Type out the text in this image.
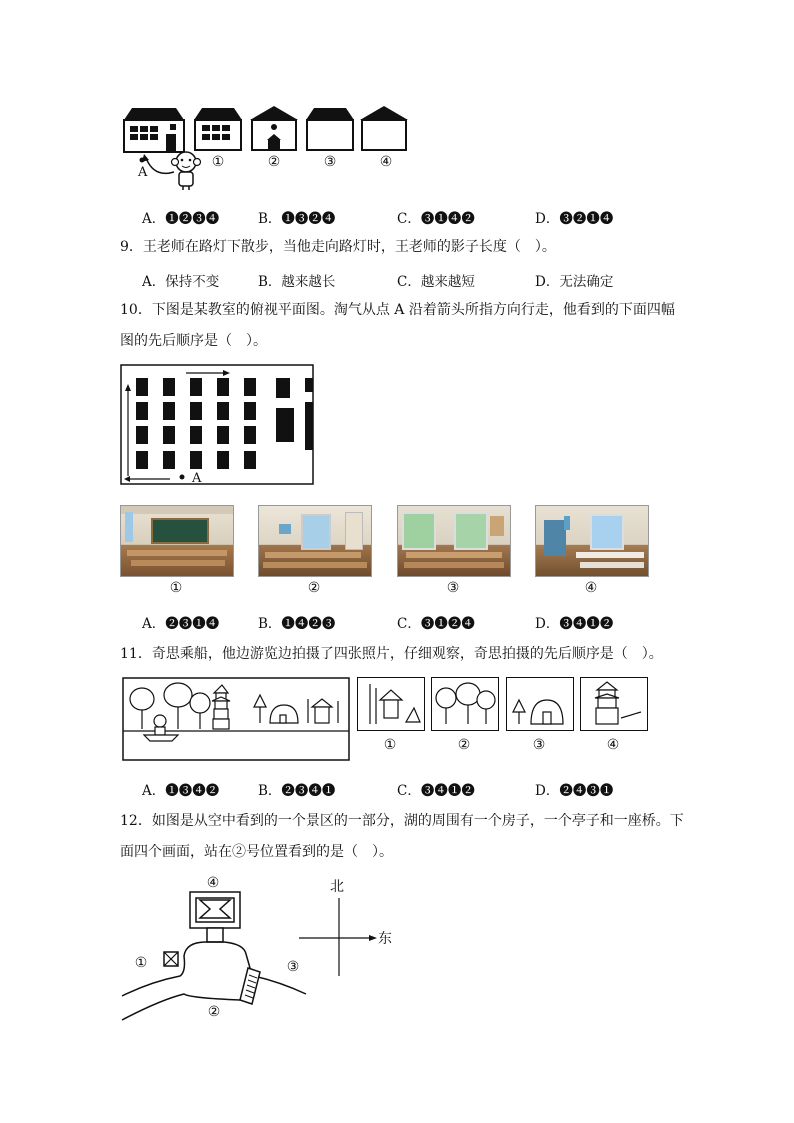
A
①	②	③	④
A．❶❷❸❹	B．❶❸❷❹	C．❸❶❹❷	D．❸❷❶❹
9．王老师在路灯下散步，当他走向路灯时，王老师的影子长度（　）。
A．保持不变	B．越来越长	C．越来越短	D．无法确定
10．下图是某教室的俯视平面图。淘气从点 A 沿着箭头所指方向行走，他看到的下面四幅
图的先后顺序是（　）。
A
①	②	③	④
A．❷❸❶❹	B．❶❹❷❸	C．❸❶❷❹	D．❸❹❶❷
11．奇思乘船，他边游览边拍摄了四张照片，仔细观察，奇思拍摄的先后顺序是（　）。
①	②	③	④
A．❶❸❹❷	B．❷❸❹❶	C．❸❹❶❷	D．❷❹❸❶
12．如图是从空中看到的一个景区的一部分，湖的周围有一个房子，一个亭子和一座桥。下
面四个画面，站在②号位置看到的是（　）。
①
②
③
④	北
东
